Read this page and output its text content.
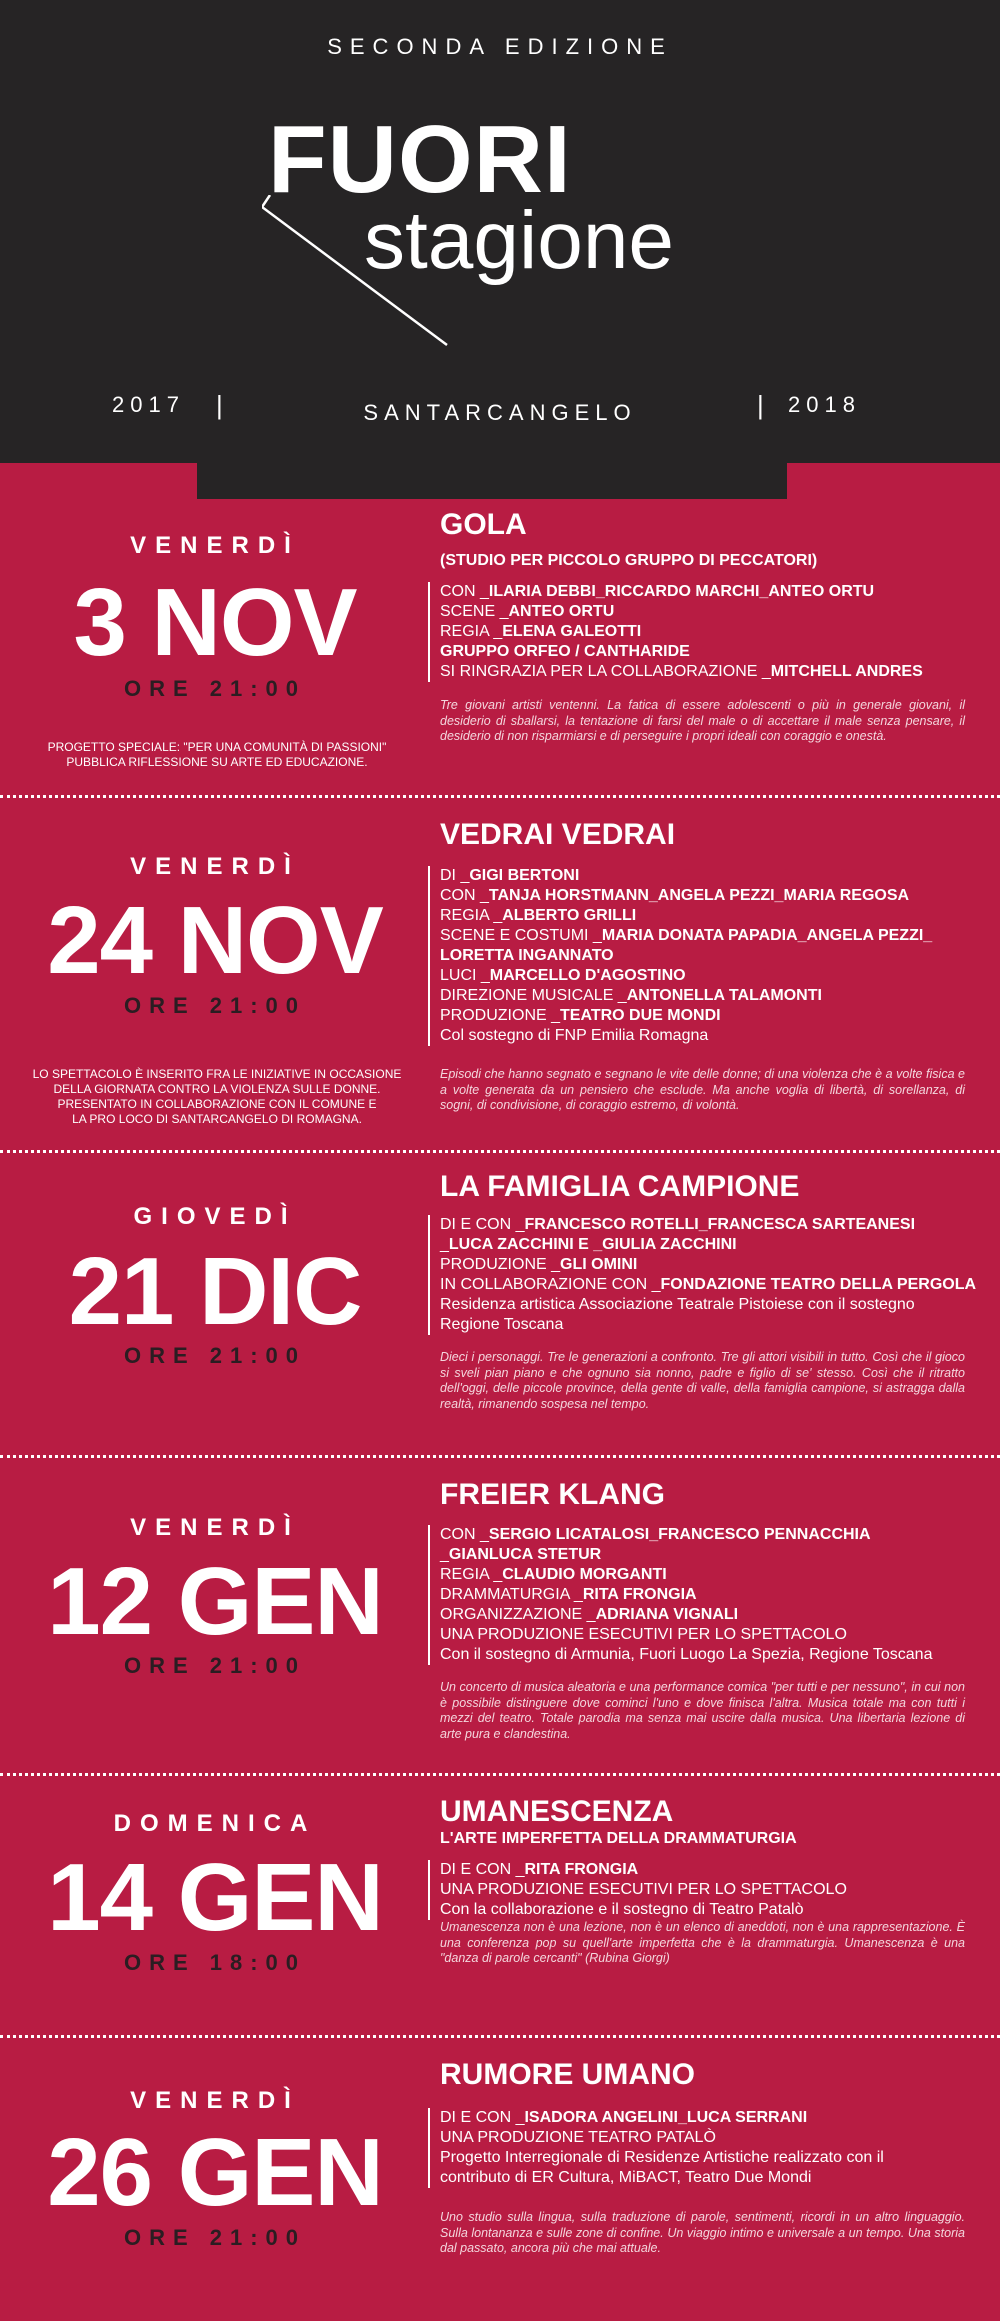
SECONDA EDIZIONE
FUORI
stagione
2017 |	SANTARCANGELO	| 2018
VENERDÌ
3 NOV
ORE 21:00
PROGETTO SPECIALE: "PER UNA COMUNITÀ DI PASSIONI"
PUBBLICA RIFLESSIONE SU ARTE ED EDUCAZIONE.
GOLA
(STUDIO PER PICCOLO GRUPPO DI PECCATORI)
CON _ILARIA DEBBI_RICCARDO MARCHI_ANTEO ORTU
SCENE _ANTEO ORTU
REGIA _ELENA GALEOTTI
GRUPPO ORFEO / CANTHARIDE
SI RINGRAZIA PER LA COLLABORAZIONE _MITCHELL ANDRES
Tre giovani artisti ventenni. La fatica di essere adolescenti o più in generale giovani, il desiderio di sballarsi, la tentazione di farsi del male o di accettare il male senza pensare, il desiderio di non risparmiarsi e di perseguire i propri ideali con coraggio e onestà.
VENERDÌ
24 NOV
ORE 21:00
LO SPETTACOLO È INSERITO FRA LE INIZIATIVE IN OCCASIONE
DELLA GIORNATA CONTRO LA VIOLENZA SULLE DONNE.
PRESENTATO IN COLLABORAZIONE CON IL COMUNE E
LA PRO LOCO DI SANTARCANGELO DI ROMAGNA.
VEDRAI VEDRAI
DI _GIGI BERTONI
CON _TANJA HORSTMANN_ANGELA PEZZI_MARIA REGOSA
REGIA _ALBERTO GRILLI
SCENE E COSTUMI _MARIA DONATA PAPADIA_ANGELA PEZZI_
LORETTA INGANNATO
LUCI _MARCELLO D'AGOSTINO
DIREZIONE MUSICALE _ANTONELLA TALAMONTI
PRODUZIONE _TEATRO DUE MONDI
Col sostegno di FNP Emilia Romagna
Episodi che hanno segnato e segnano le vite delle donne; di una violenza che è a volte fisica e a volte generata da un pensiero che esclude. Ma anche voglia di libertà, di sorellanza, di sogni, di condivisione, di coraggio estremo, di volontà.
GIOVEDÌ
21 DIC
ORE 21:00
LA FAMIGLIA CAMPIONE
DI E CON _FRANCESCO ROTELLI_FRANCESCA SARTEANESI
_LUCA ZACCHINI E _GIULIA ZACCHINI
PRODUZIONE _GLI OMINI
IN COLLABORAZIONE CON _FONDAZIONE TEATRO DELLA PERGOLA
Residenza artistica Associazione Teatrale Pistoiese con il sostegno
Regione Toscana
Dieci i personaggi. Tre le generazioni a confronto. Tre gli attori visibili in tutto. Così che il gioco si sveli pian piano e che ognuno sia nonno, padre e figlio di se' stesso. Così che il ritratto dell'oggi, delle piccole province, della gente di valle, della famiglia campione, si astragga dalla realtà, rimanendo sospesa nel tempo.
VENERDÌ
12 GEN
ORE 21:00
FREIER KLANG
CON _SERGIO LICATALOSI_FRANCESCO PENNACCHIA
_GIANLUCA STETUR
REGIA _CLAUDIO MORGANTI
DRAMMATURGIA _RITA FRONGIA
ORGANIZZAZIONE _ADRIANA VIGNALI
UNA PRODUZIONE ESECUTIVI PER LO SPETTACOLO
Con il sostegno di Armunia, Fuori Luogo La Spezia, Regione Toscana
Un concerto di musica aleatoria e una performance comica "per tutti e per nessuno", in cui non è possibile distinguere dove cominci l'uno e dove finisca l'altra. Musica totale ma con tutti i mezzi del teatro. Totale parodia ma senza mai uscire dalla musica. Una libertaria lezione di arte pura e clandestina.
DOMENICA
14 GEN
ORE 18:00
UMANESCENZA
L'ARTE IMPERFETTA DELLA DRAMMATURGIA
DI E CON _RITA FRONGIA
UNA PRODUZIONE ESECUTIVI PER LO SPETTACOLO
Con la collaborazione e il sostegno di Teatro Patalò
Umanescenza non è una lezione, non è un elenco di aneddoti, non è una rappresentazione. È una conferenza pop su quell'arte imperfetta che è la drammaturgia. Umanescenza è una "danza di parole cercanti" (Rubina Giorgi)
VENERDÌ
26 GEN
ORE 21:00
RUMORE UMANO
DI E CON _ISADORA ANGELINI_LUCA SERRANI
UNA PRODUZIONE TEATRO PATALÒ
Progetto Interregionale di Residenze Artistiche realizzato con il
contributo di ER Cultura, MiBACT, Teatro Due Mondi
Uno studio sulla lingua, sulla traduzione di parole, sentimenti, ricordi in un altro linguaggio. Sulla lontananza e sulle zone di confine. Un viaggio intimo e universale a un tempo. Una storia dal passato, ancora più che mai attuale.
